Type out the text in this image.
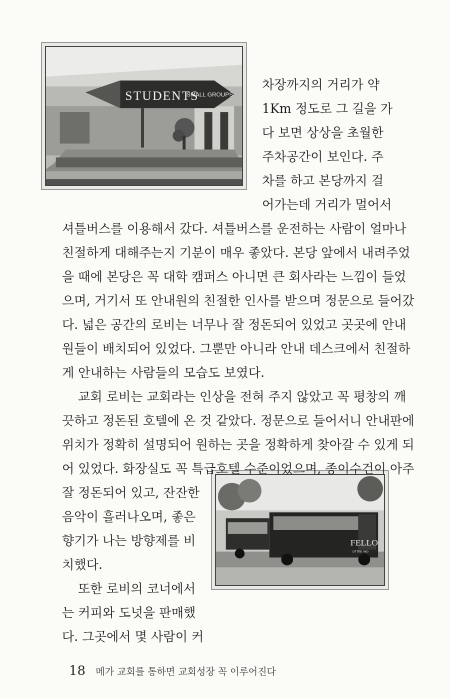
STUDENTS
SMALL GROUPS
FELLO
of the wo
차장까지의 거리가 약
1Km 정도로 그 길을 가
다 보면 상상을 초월한
주차공간이 보인다. 주
차를 하고 본당까지 걸
어가는데 거리가 멀어서
셔틀버스를 이용해서 갔다. 셔틀버스를 운전하는 사람이 얼마나
친절하게 대해주는지 기분이 매우 좋았다. 본당 앞에서 내려주었
을 때에 본당은 꼭 대학 캠퍼스 아니면 큰 회사라는 느낌이 들었
으며, 거기서 또 안내원의 친절한 인사를 받으며 정문으로 들어갔
다. 넓은 공간의 로비는 너무나 잘 정돈되어 있었고 곳곳에 안내
원들이 배치되어 있었다. 그뿐만 아니라 안내 데스크에서 친절하
게 안내하는 사람들의 모습도 보였다.
교회 로비는 교회라는 인상을 전혀 주지 않았고 꼭 평창의 깨
끗하고 정돈된 호텔에 온 것 같았다. 정문으로 들어서니 안내판에
위치가 정확히 설명되어 원하는 곳을 정확하게 찾아갈 수 있게 되
어 있었다. 화장실도 꼭 특급호텔 수준이었으며, 종이수건이 아주
잘 정돈되어 있고, 잔잔한
음악이 흘러나오며, 좋은
향기가 나는 방향제를 비
치했다.
또한 로비의 코너에서
는 커피와 도넛을 판매했
다. 그곳에서 몇 사람이 커
18 메가 교회를 통하면 교회성장 꼭 이루어진다
